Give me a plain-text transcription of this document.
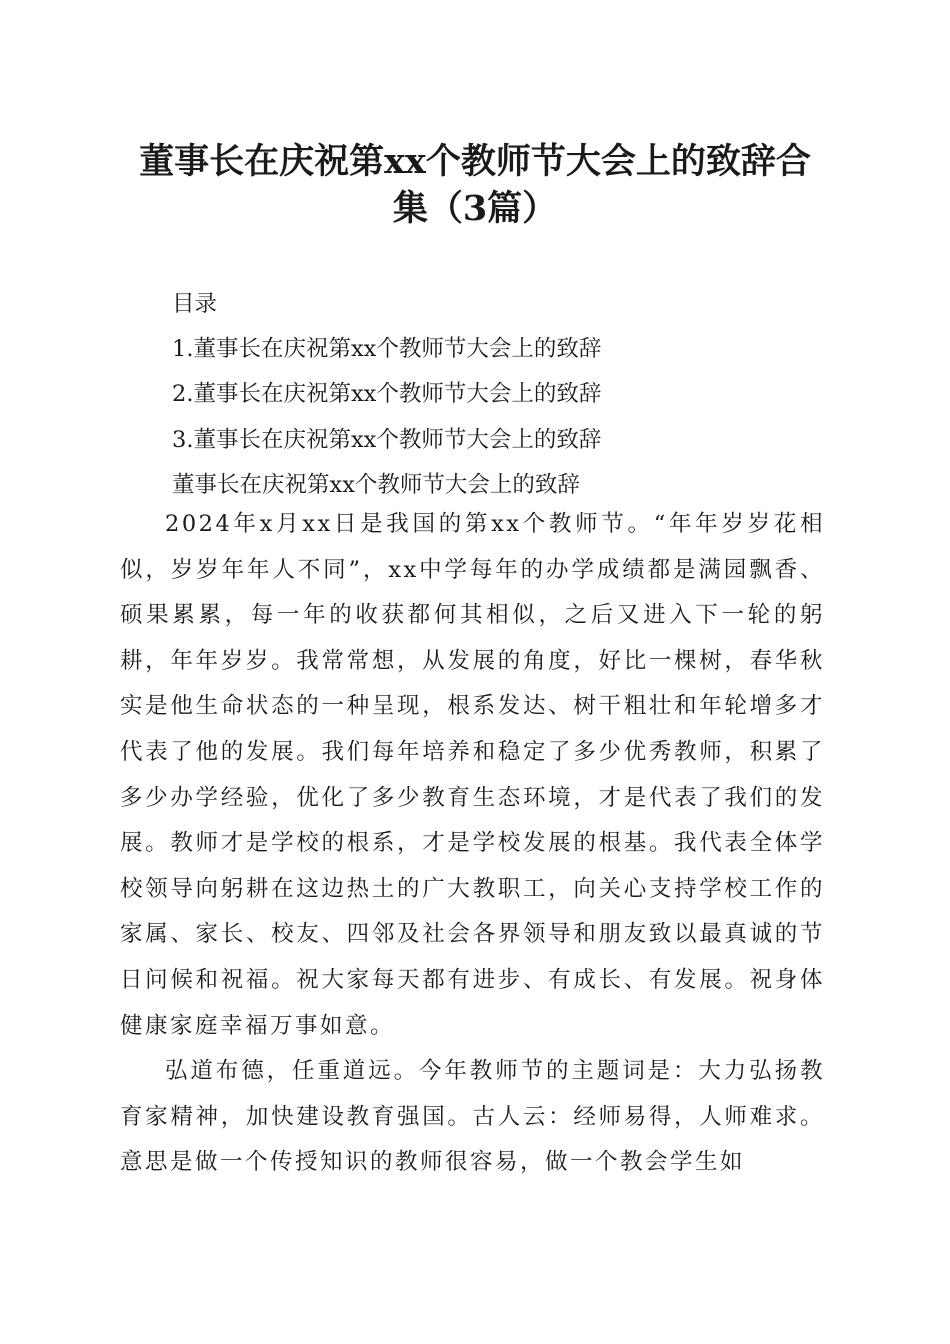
董事长在庆祝第xx个教师节大会上的致辞合
集（3篇）
目录
1.董事长在庆祝第xx个教师节大会上的致辞
2.董事长在庆祝第xx个教师节大会上的致辞
3.董事长在庆祝第xx个教师节大会上的致辞
董事长在庆祝第xx个教师节大会上的致辞

2024年x月xx日是我国的第xx个教师节。“年年岁岁花相似，岁岁年年人不同”，xx中学每年的办学成绩都是满园飘香、硕果累累，每一年的收获都何其相似，之后又进入下一轮的躬耕，年年岁岁。我常常想，从发展的角度，好比一棵树，春华秋实是他生命状态的一种呈现，根系发达、树干粗壮和年轮增多才代表了他的发展。我们每年培养和稳定了多少优秀教师，积累了多少办学经验，优化了多少教育生态环境，才是代表了我们的发展。教师才是学校的根系，才是学校发展的根基。我代表全体学校领导向躬耕在这边热土的广大教职工，向关心支持学校工作的家属、家长、校友、四邻及社会各界领导和朋友致以最真诚的节日问候和祝福。祝大家每天都有进步、有成长、有发展。祝身体健康家庭幸福万事如意。

弘道布德，任重道远。今年教师节的主题词是：大力弘扬教育家精神，加快建设教育强国。古人云：经师易得，人师难求。意思是做一个传授知识的教师很容易，做一个教会学生如
